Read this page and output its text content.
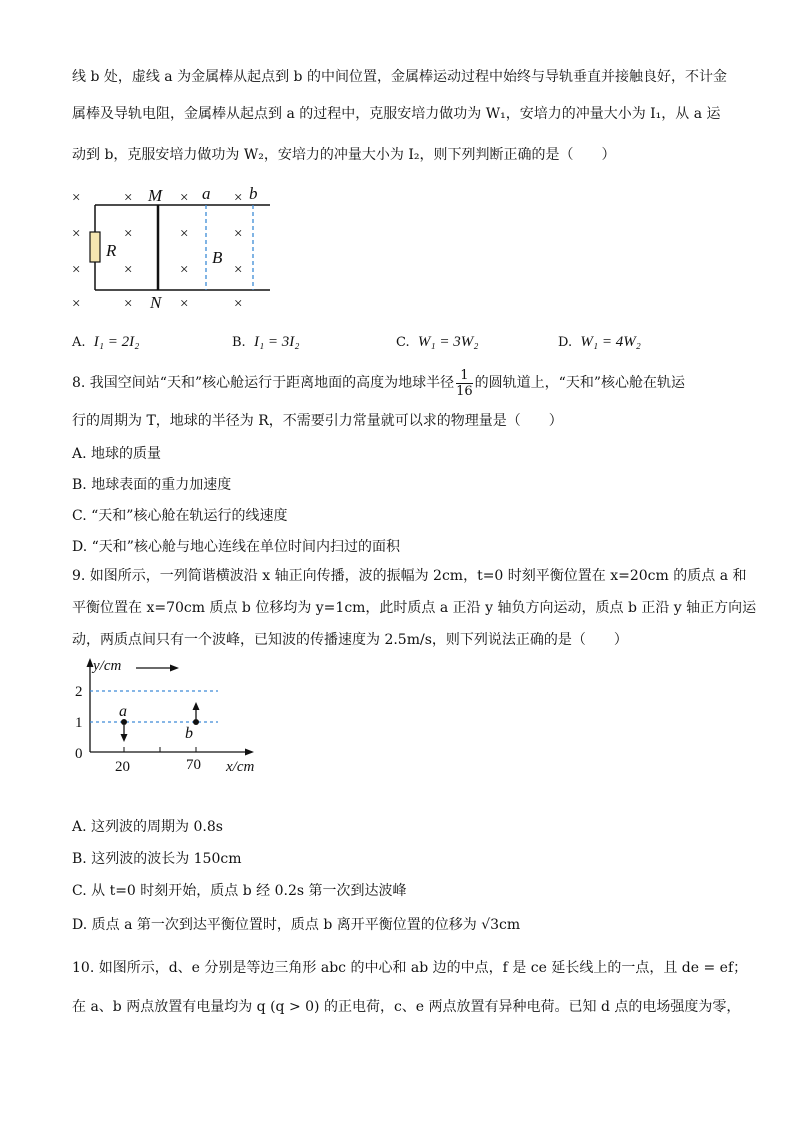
线 b 处，虚线 a 为金属棒从起点到 b 的中间位置，金属棒运动过程中始终与导轨垂直并接触良好，不计金
属棒及导轨电阻，金属棒从起点到 a 的过程中，克服安培力做功为 W₁，安培力的冲量大小为 I₁，从 a 运
动到 b，克服安培力做功为 W₂，安培力的冲量大小为 I₂，则下列判断正确的是（　　）
×	×	×	×
×	×	×	×
×	×	×	×
×	×	×	×
M
N
a b
R	B
A. I₁ = 2I₂	B. I₁ = 3I₂	C. W₁ = 3W₂	D. W₁ = 4W₂
8. 我国空间站“天和”核心舱运行于距离地面的高度为地球半径 $\frac{1}{16}$ 的圆轨道上，“天和”核心舱在轨运
行的周期为 T，地球的半径为 R，不需要引力常量就可以求的物理量是（　　）
A. 地球的质量
B. 地球表面的重力加速度
C. “天和”核心舱在轨运行的线速度
D. “天和”核心舱与地心连线在单位时间内扫过的面积
9. 如图所示，一列简谐横波沿 x 轴正向传播，波的振幅为 2cm，t=0 时刻平衡位置在 x=20cm 的质点 a 和
平衡位置在 x=70cm 质点 b 位移均为 y=1cm，此时质点 a 正沿 y 轴负方向运动，质点 b 正沿 y 轴正方向运
动，两质点间只有一个波峰，已知波的传播速度为 2.5m/s，则下列说法正确的是（　　）
y/cm
x/cm
2
1
0
20	70
a
b
A. 这列波的周期为 0.8s
B. 这列波的波长为 150cm
C. 从 t=0 时刻开始，质点 b 经 0.2s 第一次到达波峰
D. 质点 a 第一次到达平衡位置时，质点 b 离开平衡位置的位移为 √3cm
10. 如图所示，d、e 分别是等边三角形 abc 的中心和 ab 边的中点，f 是 ce 延长线上的一点，且 de = ef；
在 a、b 两点放置有电量均为 q (q > 0) 的正电荷，c、e 两点放置有异种电荷。已知 d 点的电场强度为零，
